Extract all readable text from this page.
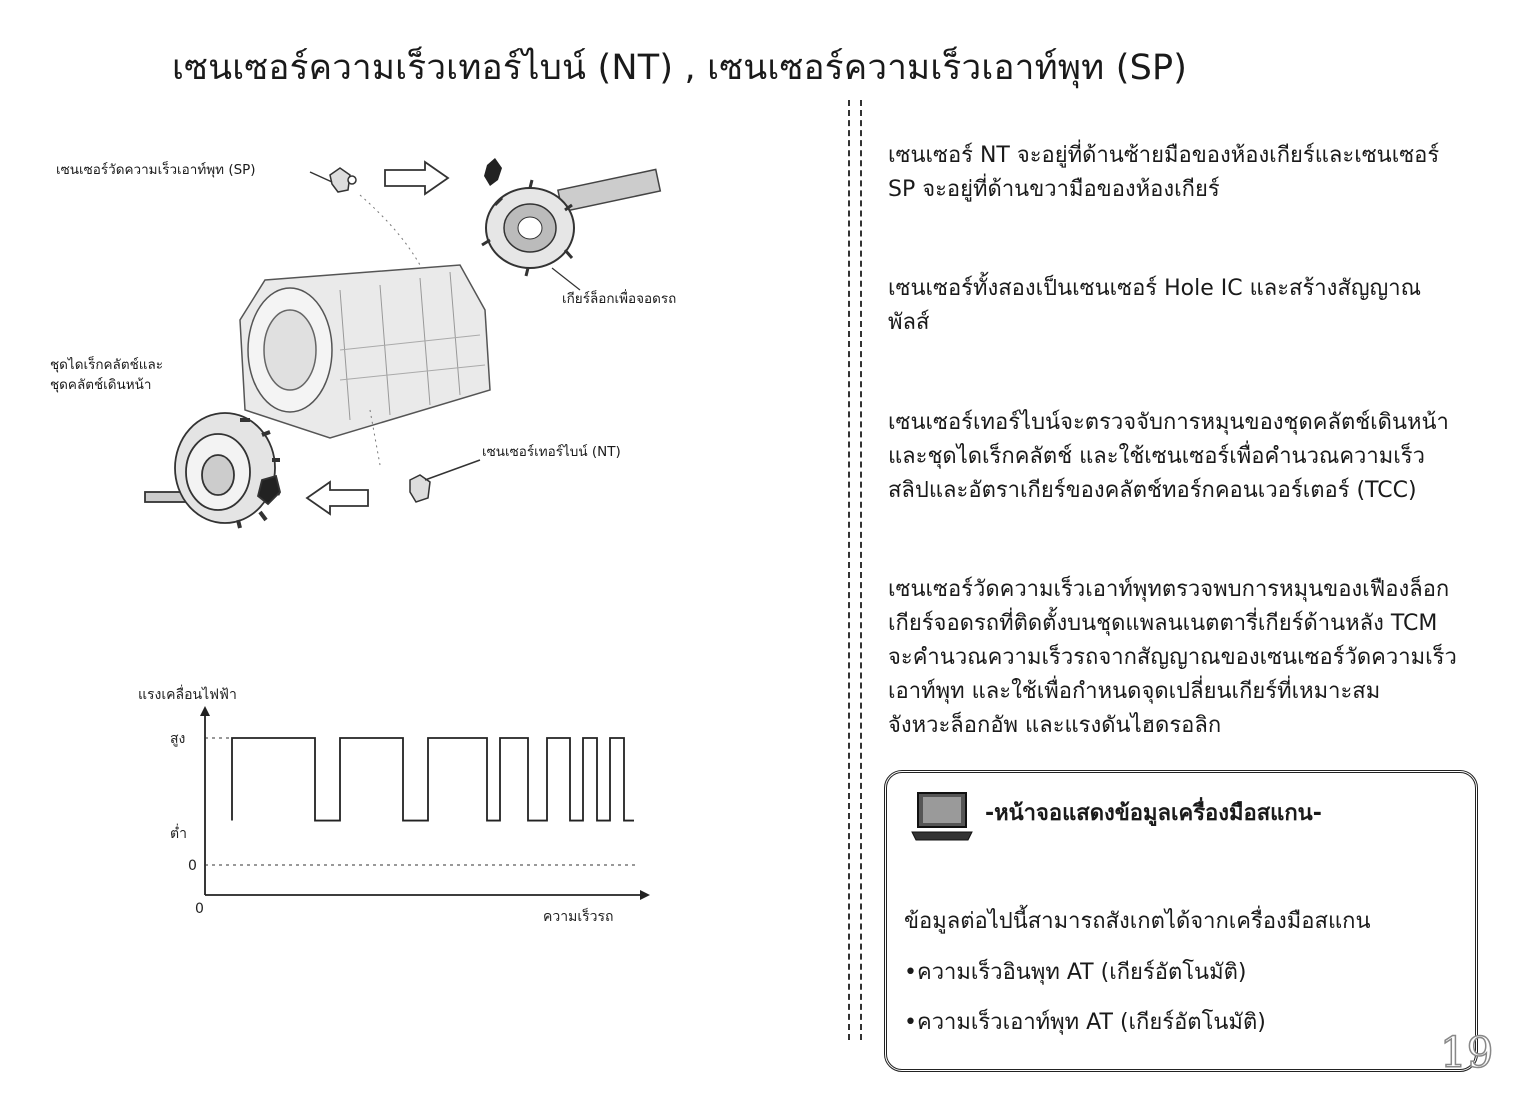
เซนเซอร์ความเร็วเทอร์ไบน์ (NT) , เซนเซอร์ความเร็วเอาท์พุท (SP)
เซนเซอร์วัดความเร็วเอาท์พุท (SP)
เกียร์ล็อกเพื่อจอดรถ
ชุดไดเร็กคลัตช์และ
ชุดคลัตช์เดินหน้า
เซนเซอร์เทอร์ไบน์ (NT)
แรงเคลื่อนไฟฟ้า
สูง
ต่ำ
0
0	ความเร็วรถ

เซนเซอร์ NT จะอยู่ที่ด้านซ้ายมือของห้องเกียร์และเซนเซอร์

SP จะอยู่ที่ด้านขวามือของห้องเกียร์

เซนเซอร์ทั้งสองเป็นเซนเซอร์ Hole IC และสร้างสัญญาณ

พัลส์

เซนเซอร์เทอร์ไบน์จะตรวจจับการหมุนของชุดคลัตช์เดินหน้า

และชุดไดเร็กคลัตช์ และใช้เซนเซอร์เพื่อคำนวณความเร็ว

สลิปและอัตราเกียร์ของคลัตช์ทอร์กคอนเวอร์เตอร์ (TCC)

เซนเซอร์วัดความเร็วเอาท์พุทตรวจพบการหมุนของเฟืองล็อก

เกียร์จอดรถที่ติดตั้งบนชุดแพลนเนตตารี่เกียร์ด้านหลัง TCM

จะคำนวณความเร็วรถจากสัญญาณของเซนเซอร์วัดความเร็ว

เอาท์พุท และใช้เพื่อกำหนดจุดเปลี่ยนเกียร์ที่เหมาะสม

จังหวะล็อกอัพ และแรงดันไฮดรอลิก

-หน้าจอแสดงข้อมูลเครื่องมือสแกน-
ข้อมูลต่อไปนี้สามารถสังเกตได้จากเครื่องมือสแกน
•ความเร็วอินพุท AT (เกียร์อัตโนมัติ)
•ความเร็วเอาท์พุท AT (เกียร์อัตโนมัติ)
19
